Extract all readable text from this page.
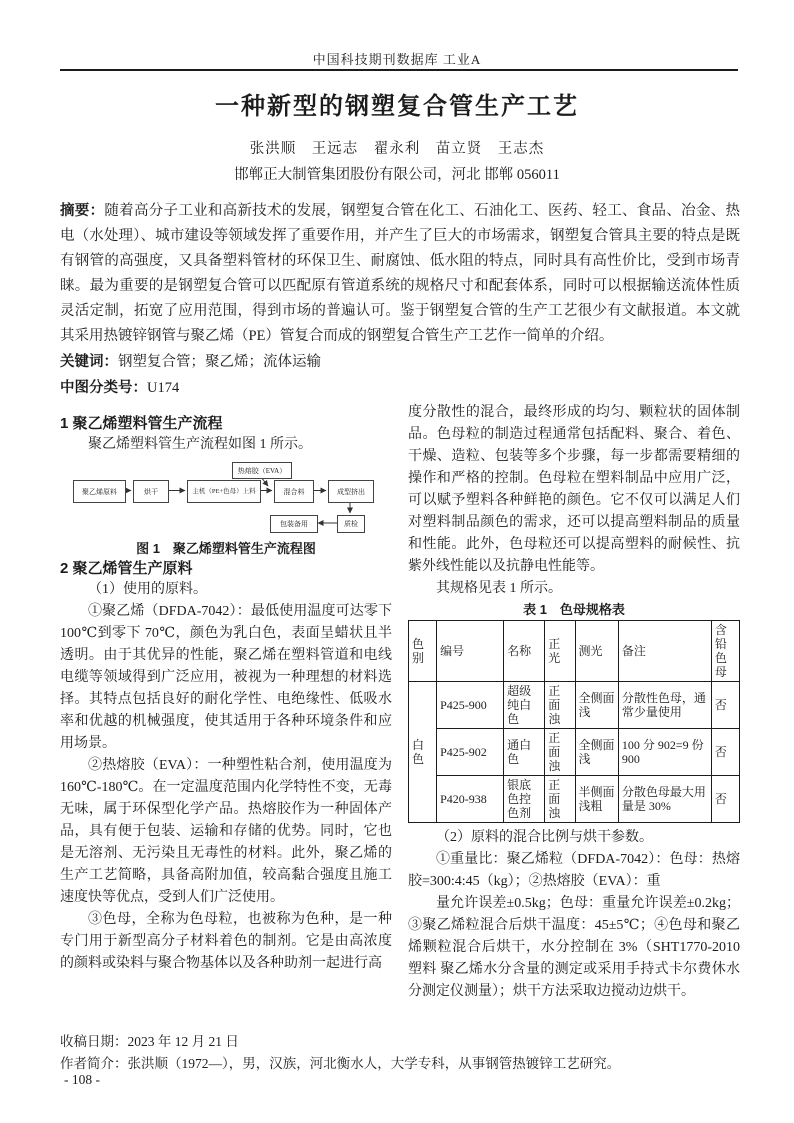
中国科技期刊数据库 工业A
一种新型的钢塑复合管生产工艺
张洪顺　王远志　翟永利　苗立贤　王志杰
邯郸正大制管集团股份有限公司，河北 邯郸 056011

摘要：随着高分子工业和高新技术的发展，钢塑复合管在化工、石油化工、医药、轻工、食品、冶金、热电（水处理）、城市建设等领域发挥了重要作用，并产生了巨大的市场需求，钢塑复合管具主要的特点是既有钢管的高强度，又具备塑料管材的环保卫生、耐腐蚀、低水阻的特点，同时具有高性价比，受到市场青睐。最为重要的是钢塑复合管可以匹配原有管道系统的规格尺寸和配套体系，同时可以根据输送流体性质灵活定制，拓宽了应用范围，得到市场的普遍认可。鉴于钢塑复合管的生产工艺很少有文献报道。本文就其采用热镀锌钢管与聚乙烯（PE）管复合而成的钢塑复合管生产工艺作一简单的介绍。

关键词：钢塑复合管；聚乙烯；流体运输

中图分类号：U174

1 聚乙烯塑料管生产流程

聚乙烯塑料管生产流程如图 1 所示。

聚乙烯原料	烘干	主机（PE+色母）上料
热熔胶（EVA）
混合料	成型挤出
质检
包装备用

图 1　聚乙烯塑料管生产流程图

2 聚乙烯管生产原料

（1）使用的原料。

①聚乙烯（DFDA-7042）：最低使用温度可达零下 100℃到零下 70℃，颜色为乳白色，表面呈蜡状且半透明。由于其优异的性能，聚乙烯在塑料管道和电线电缆等领域得到广泛应用，被视为一种理想的材料选择。其特点包括良好的耐化学性、电绝缘性、低吸水率和优越的机械强度，使其适用于各种环境条件和应用场景。

②热熔胶（EVA）：一种塑性粘合剂，使用温度为 160℃-180℃。在一定温度范围内化学特性不变，无毒无味，属于环保型化学产品。热熔胶作为一种固体产品，具有便于包装、运输和存储的优势。同时，它也是无溶剂、无污染且无毒性的材料。此外，聚乙烯的生产工艺简略，具备高附加值，较高黏合强度且施工速度快等优点，受到人们广泛使用。

③色母，全称为色母粒，也被称为色种，是一种专门用于新型高分子材料着色的制剂。它是由高浓度的颜料或染料与聚合物基体以及各种助剂一起进行高

度分散性的混合，最终形成的均匀、颗粒状的固体制品。色母粒的制造过程通常包括配料、聚合、着色、干燥、造粒、包装等多个步骤，每一步都需要精细的操作和严格的控制。色母粒在塑料制品中应用广泛，可以赋予塑料各种鲜艳的颜色。它不仅可以满足人们对塑料制品颜色的需求，还可以提高塑料制品的质量和性能。此外，色母粒还可以提高塑料的耐候性、抗紫外线性能以及抗静电性能等。

其规格见表 1 所示。

表 1　色母规格表

色别	编号	名称	正光	测光	备注	含铅色母
白色	P425-900	超级纯白色	正面浊	全侧面浅	分散性色母，通常少量使用	否
	P425-902	通白色	正面浊	全侧面浅	100 分 902=9 份 900	否
	P420-938	银底色控色剂	正面浊	半侧面浅粗	分散色母最大用量是 30%	否

（2）原料的混合比例与烘干参数。

①重量比：聚乙烯粒（DFDA-7042）：色母：热熔胶=300:4:45（kg）；②热熔胶（EVA）：重

量允许误差±0.5kg；色母：重量允许误差±0.2kg；③聚乙烯粒混合后烘干温度：45±5℃；④色母和聚乙烯颗粒混合后烘干，水分控制在 3%（SHT1770-2010 塑料 聚乙烯水分含量的测定或采用手持式卡尔费休水分测定仪测量）；烘干方法采取边搅动边烘干。

收稿日期：2023 年 12 月 21 日

作者简介：张洪顺（1972—），男，汉族，河北衡水人，大学专科，从事钢管热镀锌工艺研究。

- 108 -
